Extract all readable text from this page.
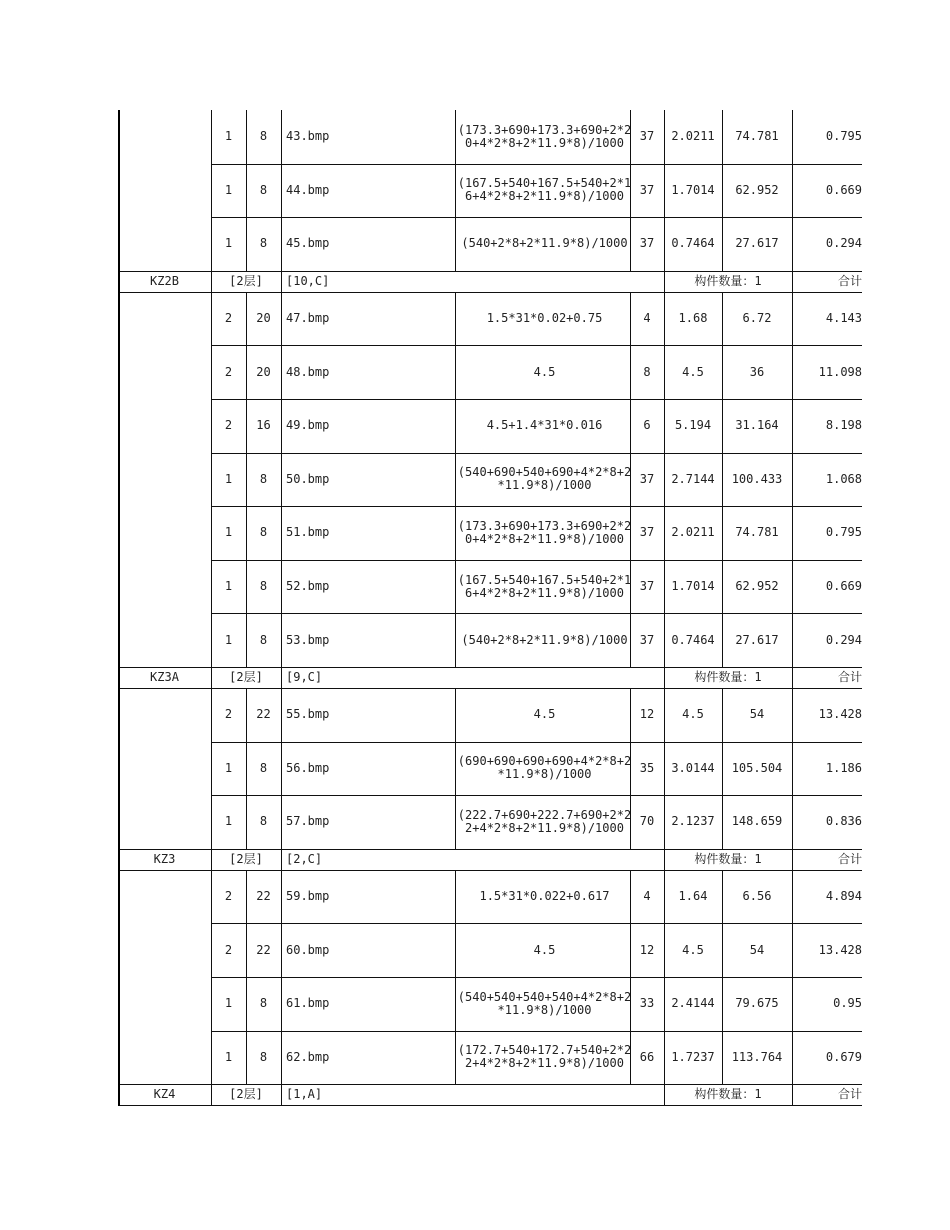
1	8	43.bmp	(173.3+690+173.3+690+2*20+4*2*8+2*11.9*8)/1000	37	2.0211	74.781	0.795
1	8	44.bmp	(167.5+540+167.5+540+2*16+4*2*8+2*11.9*8)/1000	37	1.7014	62.952	0.669
1	8	45.bmp	(540+2*8+2*11.9*8)/1000	37	0.7464	27.617	0.294
KZ2B	[2层]	[10,C]	构件数量：1	合计
2	20	47.bmp	1.5*31*0.02+0.75	4	1.68	6.72	4.143
2	20	48.bmp	4.5	8	4.5	36	11.098
2	16	49.bmp	4.5+1.4*31*0.016	6	5.194	31.164	8.198
1	8	50.bmp	(540+690+540+690+4*2*8+2*11.9*8)/1000	37	2.7144	100.433	1.068
1	8	51.bmp	(173.3+690+173.3+690+2*20+4*2*8+2*11.9*8)/1000	37	2.0211	74.781	0.795
1	8	52.bmp	(167.5+540+167.5+540+2*16+4*2*8+2*11.9*8)/1000	37	1.7014	62.952	0.669
1	8	53.bmp	(540+2*8+2*11.9*8)/1000	37	0.7464	27.617	0.294
KZ3A	[2层]	[9,C]	构件数量：1	合计
2	22	55.bmp	4.5	12	4.5	54	13.428
1	8	56.bmp	(690+690+690+690+4*2*8+2*11.9*8)/1000	35	3.0144	105.504	1.186
1	8	57.bmp	(222.7+690+222.7+690+2*22+4*2*8+2*11.9*8)/1000	70	2.1237	148.659	0.836
KZ3	[2层]	[2,C]	构件数量：1	合计
2	22	59.bmp	1.5*31*0.022+0.617	4	1.64	6.56	4.894
2	22	60.bmp	4.5	12	4.5	54	13.428
1	8	61.bmp	(540+540+540+540+4*2*8+2*11.9*8)/1000	33	2.4144	79.675	0.95
1	8	62.bmp	(172.7+540+172.7+540+2*22+4*2*8+2*11.9*8)/1000	66	1.7237	113.764	0.679
KZ4	[2层]	[1,A]	构件数量：1	合计
